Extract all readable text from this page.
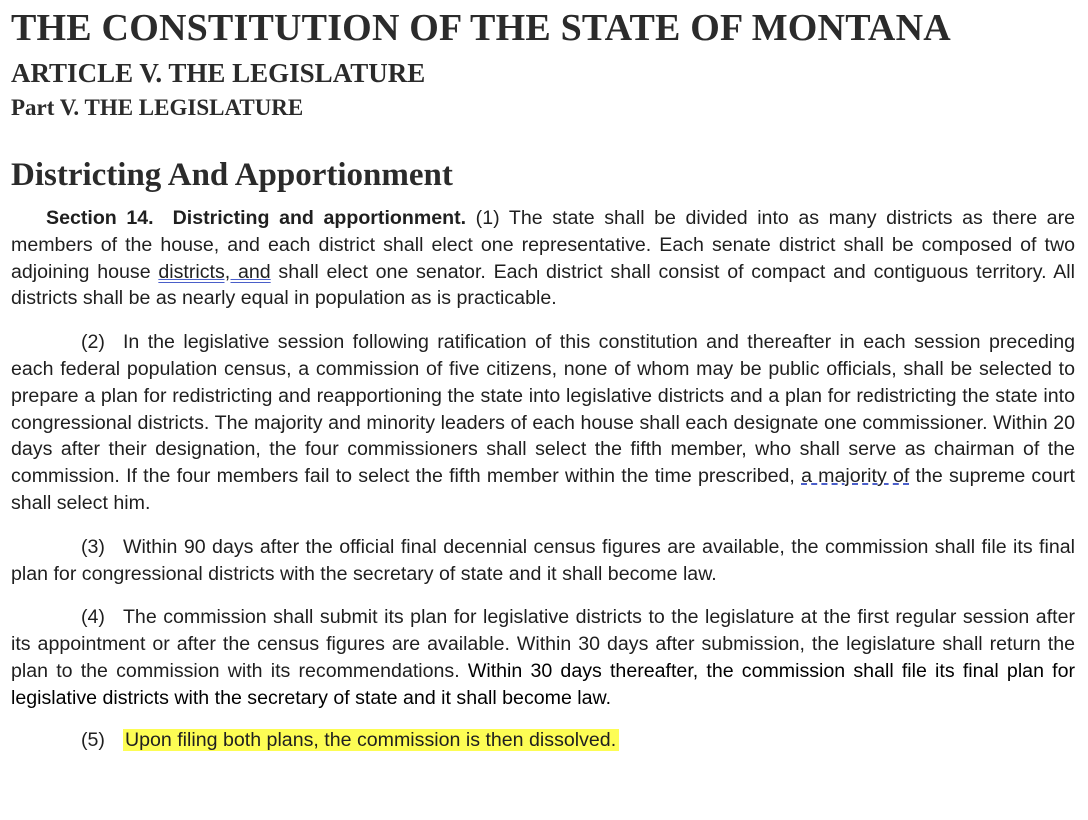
THE CONSTITUTION OF THE STATE OF MONTANA
ARTICLE V. THE LEGISLATURE
Part V. THE LEGISLATURE
Districting And Apportionment

Section 14. Districting and apportionment. (1) The state shall be divided into as many districts as there are members of the house, and each district shall elect one representative. Each senate district shall be composed of two adjoining house districts, and shall elect one senator. Each district shall consist of compact and contiguous territory. All districts shall be as nearly equal in population as is practicable.

(2) In the legislative session following ratification of this constitution and thereafter in each session preceding each federal population census, a commission of five citizens, none of whom may be public officials, shall be selected to prepare a plan for redistricting and reapportioning the state into legislative districts and a plan for redistricting the state into congressional districts. The majority and minority leaders of each house shall each designate one commissioner. Within 20 days after their designation, the four commissioners shall select the fifth member, who shall serve as chairman of the commission. If the four members fail to select the fifth member within the time prescribed, a majority of the supreme court shall select him.

(3) Within 90 days after the official final decennial census figures are available, the commission shall file its final plan for congressional districts with the secretary of state and it shall become law.

(4) The commission shall submit its plan for legislative districts to the legislature at the first regular session after its appointment or after the census figures are available. Within 30 days after submission, the legislature shall return the plan to the commission with its recommendations. Within 30 days thereafter, the commission shall file its final plan for legislative districts with the secretary of state and it shall become law.

(5) Upon filing both plans, the commission is then dissolved.
